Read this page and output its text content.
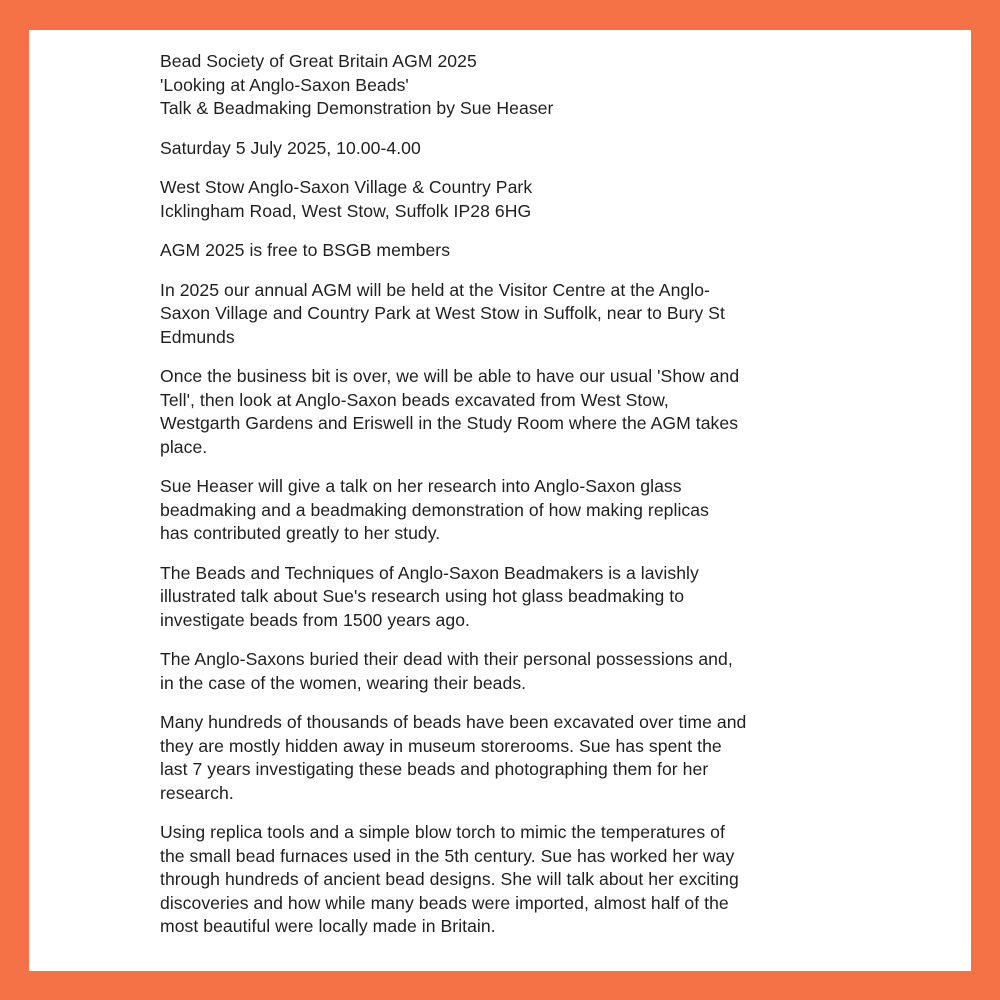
Bead Society of Great Britain AGM 2025
'Looking at Anglo-Saxon Beads'
Talk & Beadmaking Demonstration by Sue Heaser
Saturday 5 July 2025, 10.00-4.00
West Stow Anglo-Saxon Village & Country Park
Icklingham Road, West Stow, Suffolk IP28 6HG
AGM 2025 is free to BSGB members
In 2025 our annual AGM will be held at the Visitor Centre at the Anglo-
Saxon Village and Country Park at West Stow in Suffolk, near to Bury St
Edmunds
Once the business bit is over, we will be able to have our usual 'Show and
Tell', then look at Anglo-Saxon beads excavated from West Stow,
Westgarth Gardens and Eriswell in the Study Room where the AGM takes
place.
Sue Heaser will give a talk on her research into Anglo-Saxon glass
beadmaking and a beadmaking demonstration of how making replicas
has contributed greatly to her study.
The Beads and Techniques of Anglo-Saxon Beadmakers is a lavishly
illustrated talk about Sue's research using hot glass beadmaking to
investigate beads from 1500 years ago.
The Anglo-Saxons buried their dead with their personal possessions and,
in the case of the women, wearing their beads.
Many hundreds of thousands of beads have been excavated over time and
they are mostly hidden away in museum storerooms. Sue has spent the
last 7 years investigating these beads and photographing them for her
research.
Using replica tools and a simple blow torch to mimic the temperatures of
the small bead furnaces used in the 5th century. Sue has worked her way
through hundreds of ancient bead designs. She will talk about her exciting
discoveries and how while many beads were imported, almost half of the
most beautiful were locally made in Britain.
